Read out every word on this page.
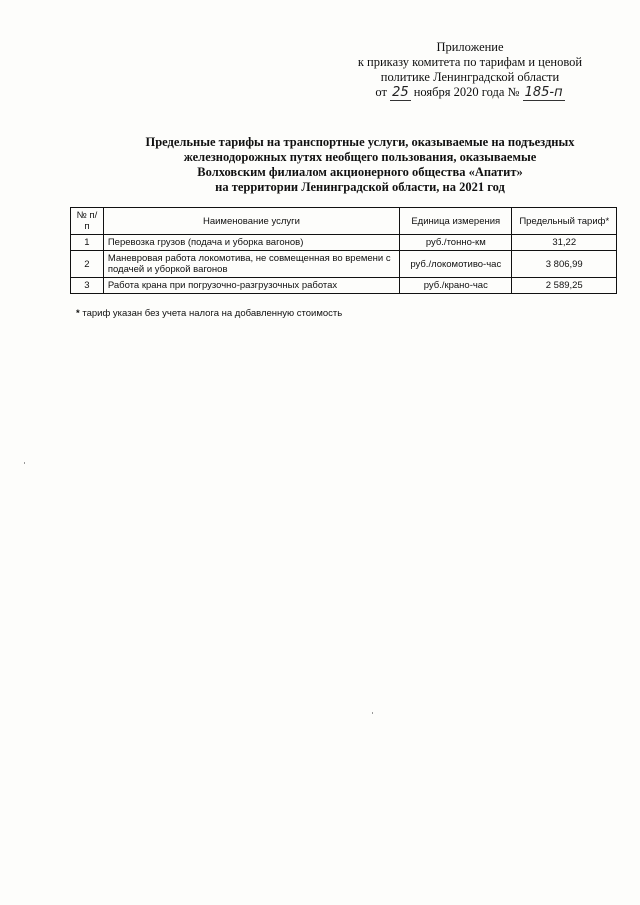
Приложение
к приказу комитета по тарифам и ценовой
политике Ленинградской области
от 25 ноября 2020 года № 185-п
Предельные тарифы на транспортные услуги, оказываемые на подъездных
железнодорожных путях необщего пользования, оказываемые
Волховским филиалом акционерного общества «Апатит»
на территории Ленинградской области, на 2021 год
№ п/п	Наименование услуги	Единица измерения	Предельный тариф*
1	Перевозка грузов (подача и уборка вагонов)	руб./тонно-км	31,22
2	Маневровая работа локомотива, не совмещенная во времени с подачей и уборкой вагонов	руб./локомотиво-час	3 806,99
3	Работа крана при погрузочно-разгрузочных работах	руб./крано-час	2 589,25
* тариф указан без учета налога на добавленную стоимость
